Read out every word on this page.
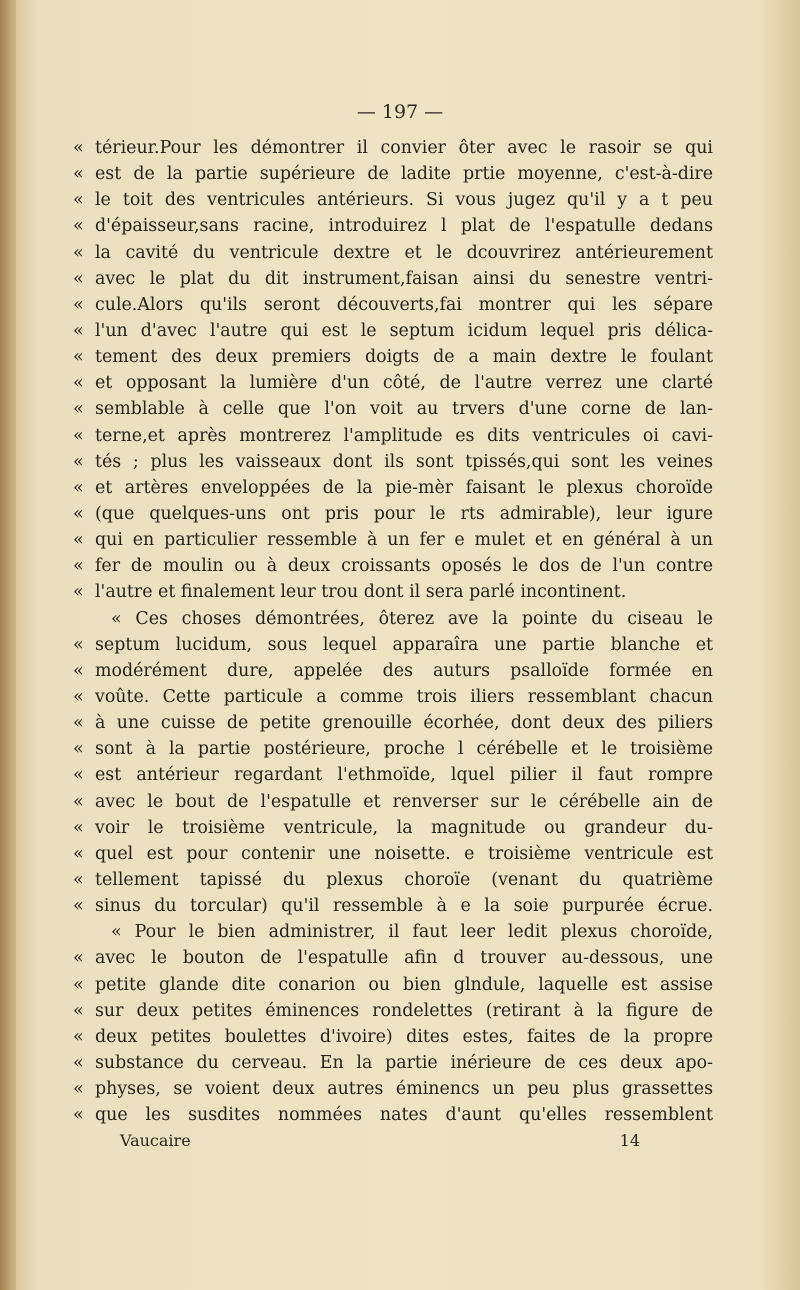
— 197 —
« térieur.Pour les démontrer il convier ôter avec le rasoir se qui
« est de la partie supérieure de ladite prtie moyenne, c'est-à-dire
« le toit des ventricules antérieurs. Si vous jugez qu'il y a t peu
« d'épaisseur,sans racine, introduirez l plat de l'espatulle dedans
« la cavité du ventricule dextre et le dcouvrirez antérieurement
« avec le plat du dit instrument,faisan ainsi du senestre ventri-
« cule.Alors qu'ils seront découverts,fai montrer qui les sépare
« l'un d'avec l'autre qui est le septum icidum lequel pris délica-
« tement des deux premiers doigts de a main dextre le foulant
« et opposant la lumière d'un côté, de l'autre verrez une clarté
« semblable à celle que l'on voit au trvers d'une corne de lan-
« terne,et après montrerez l'amplitude es dits ventricules oi cavi-
« tés ; plus les vaisseaux dont ils sont tpissés,qui sont les veines
« et artères enveloppées de la pie-mèr faisant le plexus choroïde
« (que quelques-uns ont pris pour le rts admirable), leur igure
« qui en particulier ressemble à un fer e mulet et en général à un
« fer de moulin ou à deux croissants oposés le dos de l'un contre
« l'autre et finalement leur trou dont il sera parlé incontinent.
« Ces choses démontrées, ôterez ave la pointe du ciseau le
« septum lucidum, sous lequel apparaîra une partie blanche et
« modérément dure, appelée des auturs psalloïde formée en
« voûte. Cette particule a comme trois iliers ressemblant chacun
« à une cuisse de petite grenouille écorhée, dont deux des piliers
« sont à la partie postérieure, proche l cérébelle et le troisième
« est antérieur regardant l'ethmoïde, lquel pilier il faut rompre
« avec le bout de l'espatulle et renverser sur le cérébelle ain de
« voir le troisième ventricule, la magnitude ou grandeur du-
« quel est pour contenir une noisette. e troisième ventricule est
« tellement tapissé du plexus choroïe (venant du quatrième
« sinus du torcular) qu'il ressemble à e la soie purpurée écrue.
« Pour le bien administrer, il faut leer ledit plexus choroïde,
« avec le bouton de l'espatulle afin d trouver au-dessous, une
« petite glande dite conarion ou bien glndule, laquelle est assise
« sur deux petites éminences rondelettes (retirant à la figure de
« deux petites boulettes d'ivoire) dites estes, faites de la propre
« substance du cerveau. En la partie inérieure de ces deux apo-
« physes, se voient deux autres éminencs un peu plus grassettes
« que les susdites nommées nates d'aunt qu'elles ressemblent
Vaucaire	14
